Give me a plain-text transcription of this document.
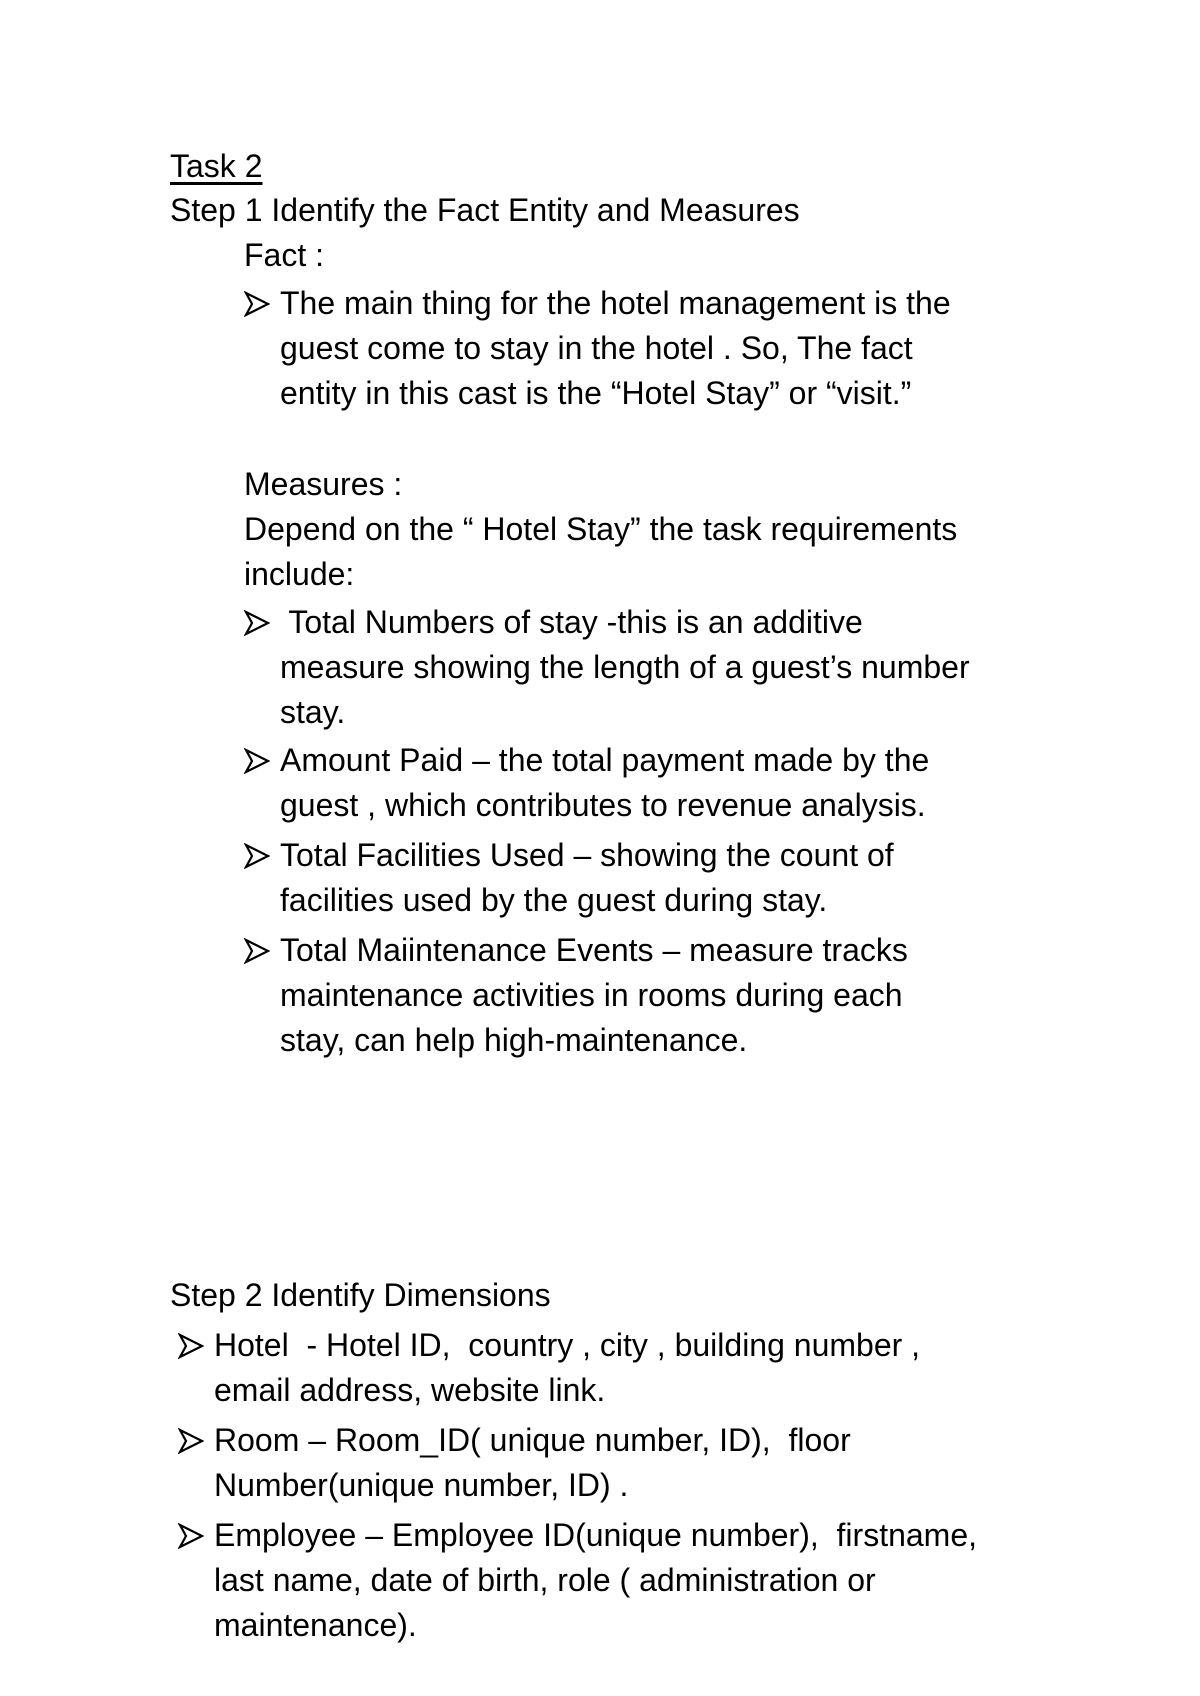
Task 2
Step 1 Identify the Fact Entity and Measures
Fact :
The main thing for the hotel management is the
guest come to stay in the hotel . So, The fact
entity in this cast is the “Hotel Stay” or “visit.”
Measures :
Depend on the “ Hotel Stay” the task requirements
include:
Total Numbers of stay -this is an additive
measure showing the length of a guest’s number
stay.
Amount Paid – the total payment made by the
guest , which contributes to revenue analysis.
Total Facilities Used – showing the count of
facilities used by the guest during stay.
Total Maiintenance Events – measure tracks
maintenance activities in rooms during each
stay, can help high-maintenance.
Step 2 Identify Dimensions
Hotel  - Hotel ID,  country , city , building number ,
email address, website link.
Room – Room_ID( unique number, ID),  floor
Number(unique number, ID) .
Employee – Employee ID(unique number),  firstname,
last name, date of birth, role ( administration or
maintenance).
